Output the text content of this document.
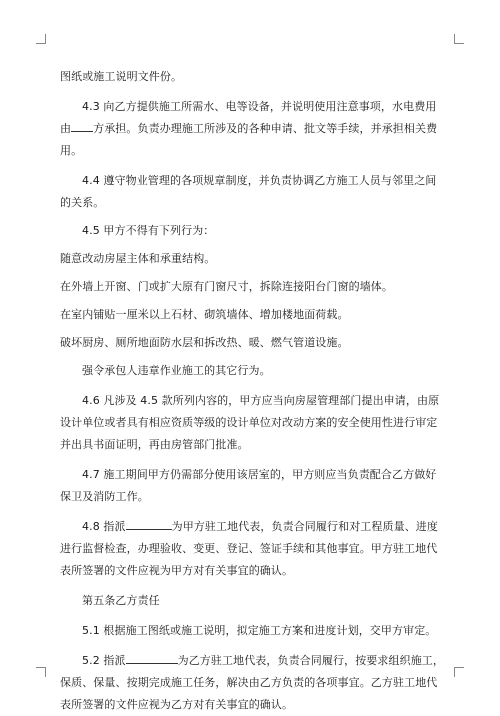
图纸或施工说明文件份。

4.3 向乙方提供施工所需水、电等设备，并说明使用注意事项，水电费用由 方承担。负责办理施工所涉及的各种申请、批文等手续，并承担相关费用。

4.4 遵守物业管理的各项规章制度，并负责协调乙方施工人员与邻里之间的关系。

4.5 甲方不得有下列行为：

随意改动房屋主体和承重结构。

在外墙上开窗、门或扩大原有门窗尺寸，拆除连接阳台门窗的墙体。

在室内铺贴一厘米以上石材、砌筑墙体、增加楼地面荷载。

破坏厨房、厕所地面防水层和拆改热、暖、燃气管道设施。

强令承包人违章作业施工的其它行为。

4.6 凡涉及 4.5 款所列内容的，甲方应当向房屋管理部门提出申请，由原设计单位或者具有相应资质等级的设计单位对改动方案的安全使用性进行审定并出具书面证明，再由房管部门批准。

4.7 施工期间甲方仍需部分使用该居室的，甲方则应当负责配合乙方做好保卫及消防工作。

4.8 指派	为甲方驻工地代表，负责合同履行和对工程质量、进度进行监督检查，办理验收、变更、登记、签证手续和其他事宜。甲方驻工地代表所签署的文件应视为甲方对有关事宜的确认。

第五条乙方责任

5.1 根据施工图纸或施工说明，拟定施工方案和进度计划，交甲方审定。

5.2 指派	为乙方驻工地代表，负责合同履行，按要求组织施工，保质、保量、按期完成施工任务，解决由乙方负责的各项事宜。乙方驻工地代表所签署的文件应视为乙方对有关事宜的确认。
